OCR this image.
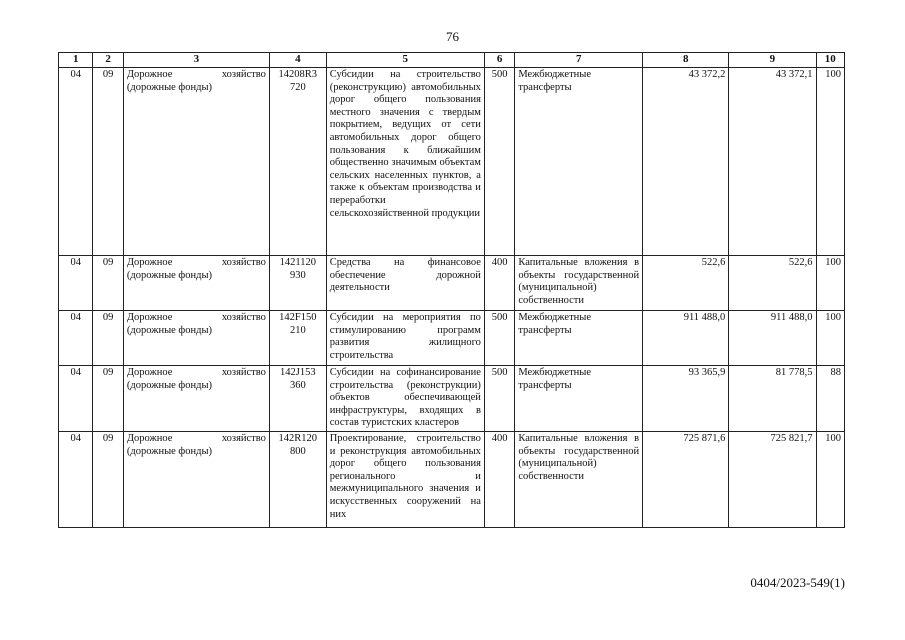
76
1	2	3	4	5	6	7	8	9	10
04	09	Дорожное хозяйство (дорожные фонды)	14208R3 720	Субсидии на строительство (реконструкцию) автомобильных дорог общего пользования местного значения с твердым покрытием, ведущих от сети автомобильных дорог общего пользования к ближайшим общественно значимым объектам сельских населенных пунктов, а также к объектам производства и переработки сельскохозяйственной продукции	500	Межбюджетные трансферты	43 372,2	43 372,1	100
04	09	Дорожное хозяйство (дорожные фонды)	1421120 930	Средства на финансовое обеспечение дорожной деятельности	400	Капитальные вложения в объекты государственной (муниципальной) собственности	522,6	522,6	100
04	09	Дорожное хозяйство (дорожные фонды)	142F150 210	Субсидии на мероприятия по стимулированию программ развития жилищного строительства	500	Межбюджетные трансферты	911 488,0	911 488,0	100
04	09	Дорожное хозяйство (дорожные фонды)	142J153 360	Субсидии на софинансирование строительства (реконструкции) объектов обеспечивающей инфраструктуры, входящих в состав туристских кластеров	500	Межбюджетные трансферты	93 365,9	81 778,5	88
04	09	Дорожное хозяйство (дорожные фонды)	142R120 800	Проектирование, строительство и реконструкция автомобильных дорог общего пользования регионального и межмуниципального значения и искусственных сооружений на них	400	Капитальные вложения в объекты государственной (муниципальной) собственности	725 871,6	725 821,7	100
0404/2023-549(1)
